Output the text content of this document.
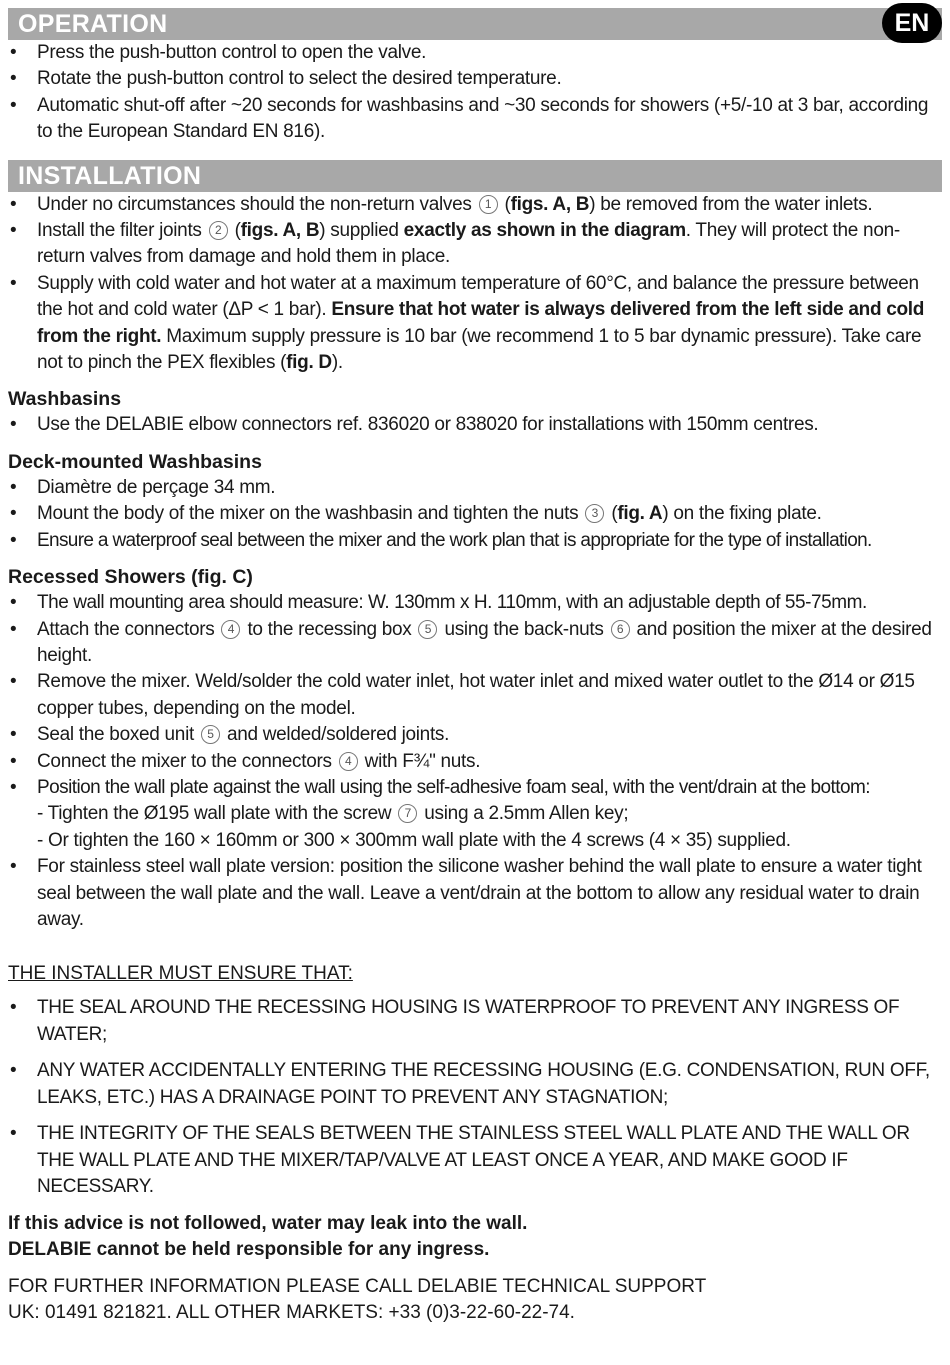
OPERATION	EN
• Press the push-button control to open the valve.
• Rotate the push-button control to select the desired temperature.
• Automatic shut-off after ~20 seconds for washbasins and ~30 seconds for showers (+5/-10 at 3 bar, according to the European Standard EN 816).
INSTALLATION
• Under no circumstances should the non-return valves 1 (figs. A, B) be removed from the water inlets.
• Install the filter joints 2 (figs. A, B) supplied exactly as shown in the diagram. They will protect the non-return valves from damage and hold them in place.
• Supply with cold water and hot water at a maximum temperature of 60°C, and balance the pressure between the hot and cold water (ΔP < 1 bar). Ensure that hot water is always delivered from the left side and cold from the right. Maximum supply pressure is 10 bar (we recommend 1 to 5 bar dynamic pressure). Take care not to pinch the PEX flexibles (fig. D).
Washbasins
• Use the DELABIE elbow connectors ref. 836020 or 838020 for installations with 150mm centres.
Deck-mounted Washbasins
• Diamètre de perçage 34 mm.
• Mount the body of the mixer on the washbasin and tighten the nuts 3 (fig. A) on the fixing plate.
• Ensure a waterproof seal between the mixer and the work plan that is appropriate for the type of installation.
Recessed Showers (fig. C)
• The wall mounting area should measure: W. 130mm x H. 110mm, with an adjustable depth of 55-75mm.
• Attach the connectors 4 to the recessing box 5 using the back-nuts 6 and position the mixer at the desired height.
• Remove the mixer. Weld/solder the cold water inlet, hot water inlet and mixed water outlet to the Ø14 or Ø15 copper tubes, depending on the model.
• Seal the boxed unit 5 and welded/soldered joints.
• Connect the mixer to the connectors 4 with F¾" nuts.
• Position the wall plate against the wall using the self-adhesive foam seal, with the vent/drain at the bottom:
- Tighten the Ø195 wall plate with the screw 7 using a 2.5mm Allen key;
- Or tighten the 160 × 160mm or 300 × 300mm wall plate with the 4 screws (4 × 35) supplied.
• For stainless steel wall plate version: position the silicone washer behind the wall plate to ensure a water tight seal between the wall plate and the wall. Leave a vent/drain at the bottom to allow any residual water to drain away.
THE INSTALLER MUST ENSURE THAT:
• THE SEAL AROUND THE RECESSING HOUSING IS WATERPROOF TO PREVENT ANY INGRESS OF WATER;
• ANY WATER ACCIDENTALLY ENTERING THE RECESSING HOUSING (E.G. CONDENSATION, RUN OFF, LEAKS, ETC.) HAS A DRAINAGE POINT TO PREVENT ANY STAGNATION;
• THE INTEGRITY OF THE SEALS BETWEEN THE STAINLESS STEEL WALL PLATE AND THE WALL OR THE WALL PLATE AND THE MIXER/TAP/VALVE AT LEAST ONCE A YEAR, AND MAKE GOOD IF NECESSARY.
If this advice is not followed, water may leak into the wall.
DELABIE cannot be held responsible for any ingress.
FOR FURTHER INFORMATION PLEASE CALL DELABIE TECHNICAL SUPPORT
UK: 01491 821821. ALL OTHER MARKETS: +33 (0)3-22-60-22-74.
